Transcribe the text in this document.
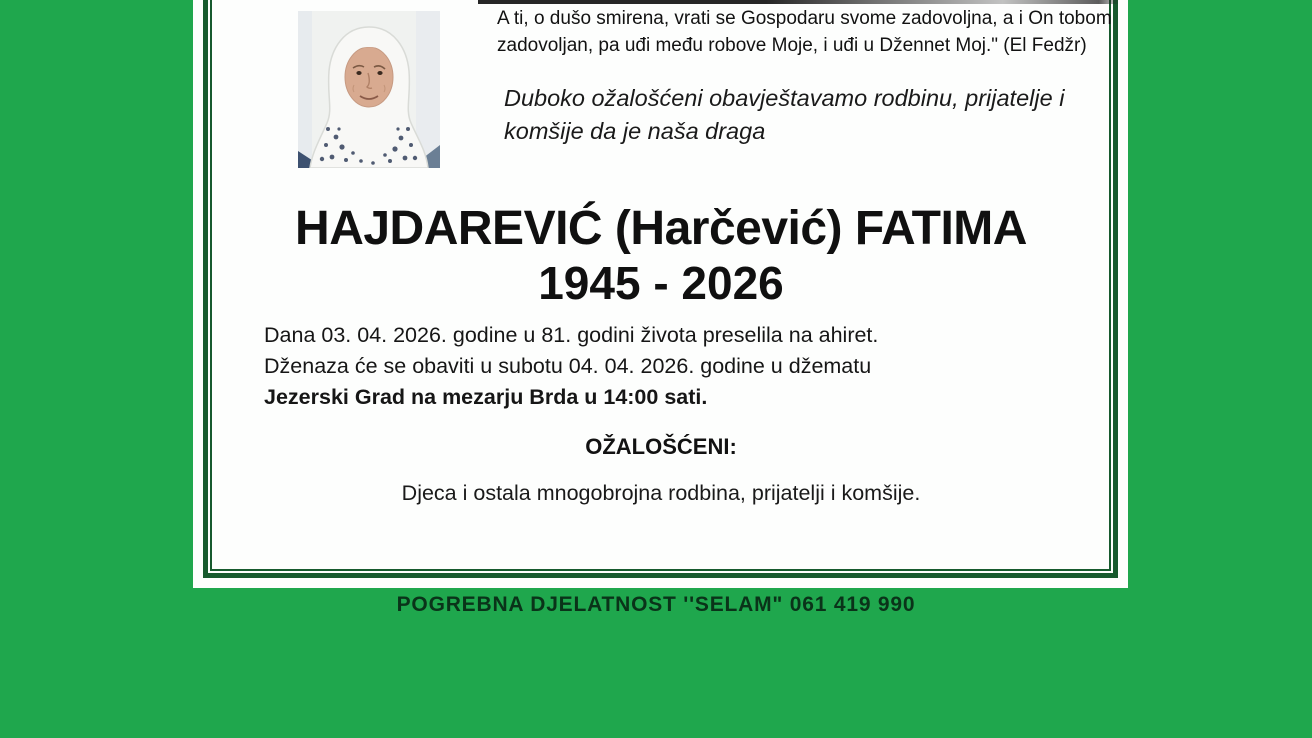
A ti, o dušo smirena, vrati se Gospodaru svome zadovoljna, a i On tobom
zadovoljan, pa uđi među robove Moje, i uđi u Džennet Moj." (El Fedžr)
Duboko ožalošćeni obavještavamo rodbinu, prijatelje i
komšije da je naša draga
HAJDAREVIĆ (Harčević) FATIMA
1945 - 2026
Dana 03. 04. 2026. godine u 81. godini života preselila na ahiret.
Dženaza će se obaviti u subotu 04. 04. 2026. godine u džematu
Jezerski Grad na mezarju Brda u 14:00 sati.
OŽALOŠĆENI:
Djeca i ostala mnogobrojna rodbina, prijatelji i komšije.
POGREBNA DJELATNOST ''SELAM" 061 419 990
